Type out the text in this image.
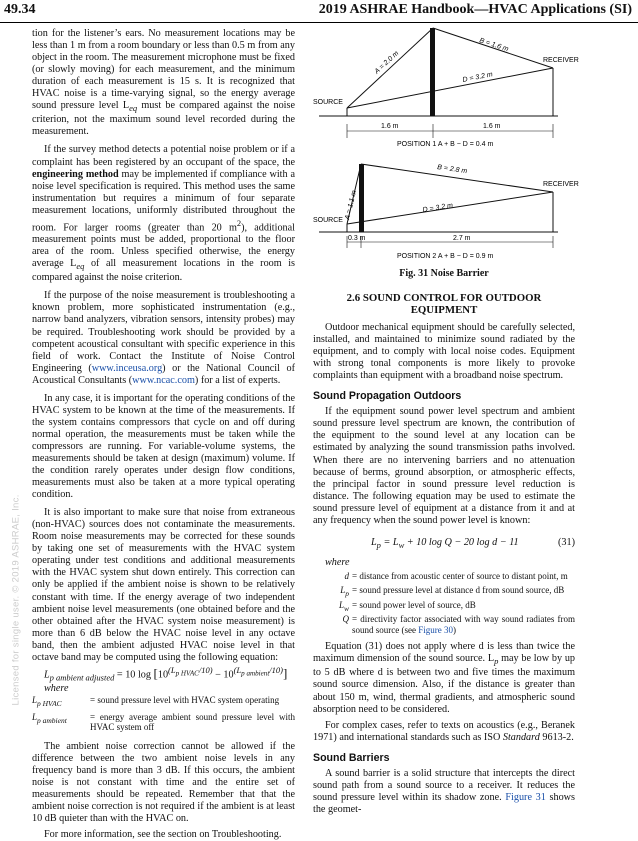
49.34	2019 ASHRAE Handbook—HVAC Applications (SI)
Licensed for single user. © 2019 ASHRAE, Inc.

tion for the listener’s ears. No measurement locations may be less than 1 m from a room boundary or less than 0.5 m from any object in the room. The measurement microphone must be fixed (or slowly moving) for each measurement, and the minimum duration of each measurement is 15 s. It is recognized that HVAC noise is a time-varying signal, so the energy average sound pressure level $L_{eq}$ must be compared against the noise criterion, not the maximum sound level recorded during the measurement.

If the survey method detects a potential noise problem or if a complaint has been registered by an occupant of the space, the engineering method may be implemented if compliance with a noise level specification is required. This method uses the same instrumentation but requires a minimum of four separate measurement locations, uniformly distributed throughout the room. For larger rooms (greater than 20 $m^2$), additional measurement points must be added, proportional to the floor area of the room. Unless specified otherwise, the energy average $L_{eq}$ of all measurement locations in the room is compared against the noise criterion.

If the purpose of the noise measurement is troubleshooting a known problem, more sophisticated instrumentation (e.g., narrow band analyzers, vibration sensors, intensity probes) may be required. Troubleshooting work should be provided by a competent acoustical consultant with specific experience in this field of work. Contact the Institute of Noise Control Engineering (www.inceusa.org) or the National Council of Acoustical Consultants (www.ncac.com) for a list of experts.

In any case, it is important for the operating conditions of the HVAC system to be known at the time of the measurements. If the system contains compressors that cycle on and off during normal operation, the measurements must be taken while the compressors are running. For variable-volume systems, the measurements should be taken at design (maximum) volume. If the condition rarely operates under design flow conditions, measurements must also be taken at a more typical operating condition.

It is also important to make sure that noise from extraneous (non-HVAC) sources does not contaminate the measurements. Room noise measurements may be corrected for these sounds by taking one set of measurements with the HVAC system operating under test conditions and additional measurements with the HVAC system shut down entirely. This correction can only be applied if the ambient noise is shown to be relatively constant with time. If the energy average of two independent ambient noise level measurements (one obtained before and the other obtained after the HVAC system noise measurement) is more than 6 dB below the HVAC noise level in any octave band, then the ambient adjusted HVAC noise level in that octave band may be computed using the following equation:

$L_{p ambient adjusted} = 10$ $\log [10^{(L_{p HVAC}/10)} - 10^{(L_{p ambient}/10)}]$

where

$L_{p HVAC}$	= sound pressure level with HVAC system operating
$L_{p ambient}$	= energy average ambient sound pressure level with HVAC system off

The ambient noise correction cannot be allowed if the difference between the two ambient noise levels in any frequency band is more than 3 dB. If this occurs, the ambient noise is not constant with time and the entire set of measurements should be repeated. Remember that that the ambient noise correction is not required if the ambient is at least 10 dB quieter than with the HVAC on.

For more information, see the section on Troubleshooting.

SOURCE
RECEIVER
A = 2.0 m
B = 1.6 m
D = 3.2 m
1.6 m	1.6 m
POSITION 1 A + B − D = 0.4 m
SOURCE
RECEIVER
A = 1.1 m
B = 2.8 m
D = 3.2 m
0.3 m	2.7 m
POSITION 2 A + B − D = 0.9 m
Fig. 31 Noise Barrier
2.6 SOUND CONTROL FOR OUTDOOR EQUIPMENT

Outdoor mechanical equipment should be carefully selected, installed, and maintained to minimize sound radiated by the equipment, and to comply with local noise codes. Equipment with strong tonal components is more likely to provoke complaints than equipment with a broadband noise spectrum.

Sound Propagation Outdoors

If the equipment sound power level spectrum and ambient sound pressure level spectrum are known, the contribution of the equipment to the sound level at any location can be estimated by analyzing the sound transmission paths involved. When there are no intervening barriers and no attenuation because of berms, ground absorption, or atmospheric effects, the principal factor in sound pressure level reduction is distance. The following equation may be used to estimate the sound pressure level of equipment at a distance from it and at any frequency when the sound power level is known:

$L_p = L_w + 10$ log Q − 20 log d − 11	(31)

where

d = distance from acoustic center of source to distant point, m
$L_p$ = sound pressure level at distance d from sound source, dB
$L_w$ = sound power level of source, dB
Q = directivity factor associated with way sound radiates from sound source (see Figure 30)

Equation (31) does not apply where d is less than twice the maximum dimension of the sound source. $L_p$ may be low by up to 5 dB where d is between two and five times the maximum sound source dimension. Also, if the distance is greater than about 150 m, wind, thermal gradients, and atmospheric sound absorption need to be considered.

For complex cases, refer to texts on acoustics (e.g., Beranek 1971) and international standards such as ISO Standard 9613-2.

Sound Barriers

A sound barrier is a solid structure that intercepts the direct sound path from a sound source to a receiver. It reduces the sound pressure level within its shadow zone. Figure 31 shows the geomet-
